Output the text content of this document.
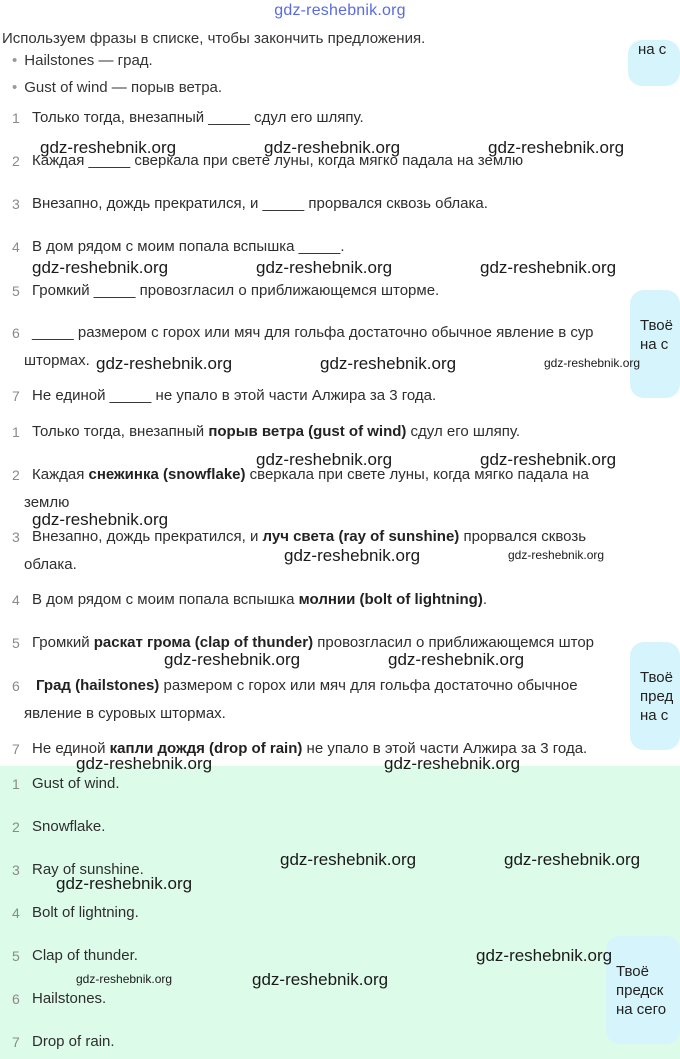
gdz-reshebnik.org
Используем фразы в списке, чтобы закончить предложения.
• Hailstones — град.
• Gust of wind — порыв ветра.
1 Только тогда, внезапный _____ сдул его шляпу.
2 Каждая _____ сверкала при свете луны, когда мягко падала на землю
3 Внезапно, дождь прекратился, и _____ прорвался сквозь облака.
4 В дом рядом с моим попала вспышка _____.
5 Громкий _____ провозгласил о приближающемся шторме.
6 _____ размером с горох или мяч для гольфа достаточно обычное явление в сур
штормах.
7 Не единой _____ не упало в этой части Алжира за 3 года.
1 Только тогда, внезапный порыв ветра (gust of wind) сдул его шляпу.
2 Каждая снежинка (snowflake) сверкала при свете луны, когда мягко падала на
землю
3 Внезапно, дождь прекратился, и луч света (ray of sunshine) прорвался сквозь
облака.
4 В дом рядом с моим попала вспышка молнии (bolt of lightning).
5 Громкий раскат грома (clap of thunder) провозгласил о приближающемся штор
6 Град (hailstones) размером с горох или мяч для гольфа достаточно обычное
явление в суровых штормах.
7 Не единой капли дождя (drop of rain) не упало в этой части Алжира за 3 года.
1 Gust of wind.
2 Snowflake.
3 Ray of sunshine.
4 Bolt of lightning.
5 Clap of thunder.
6 Hailstones.
7 Drop of rain.
на с
Твоё на с
Твоё пред на с
Твоё предск на сего
gdz-reshebnik.org	gdz-reshebnik.org	gdz-reshebnik.org
gdz-reshebnik.org	gdz-reshebnik.org	gdz-reshebnik.org
gdz-reshebnik.org	gdz-reshebnik.org	gdz-reshebnik.org
gdz-reshebnik.org	gdz-reshebnik.org
gdz-reshebnik.org
gdz-reshebnik.org	gdz-reshebnik.org
gdz-reshebnik.org	gdz-reshebnik.org
gdz-reshebnik.org	gdz-reshebnik.org
gdz-reshebnik.org	gdz-reshebnik.org
gdz-reshebnik.org
gdz-reshebnik.org
gdz-reshebnik.org	gdz-reshebnik.org
